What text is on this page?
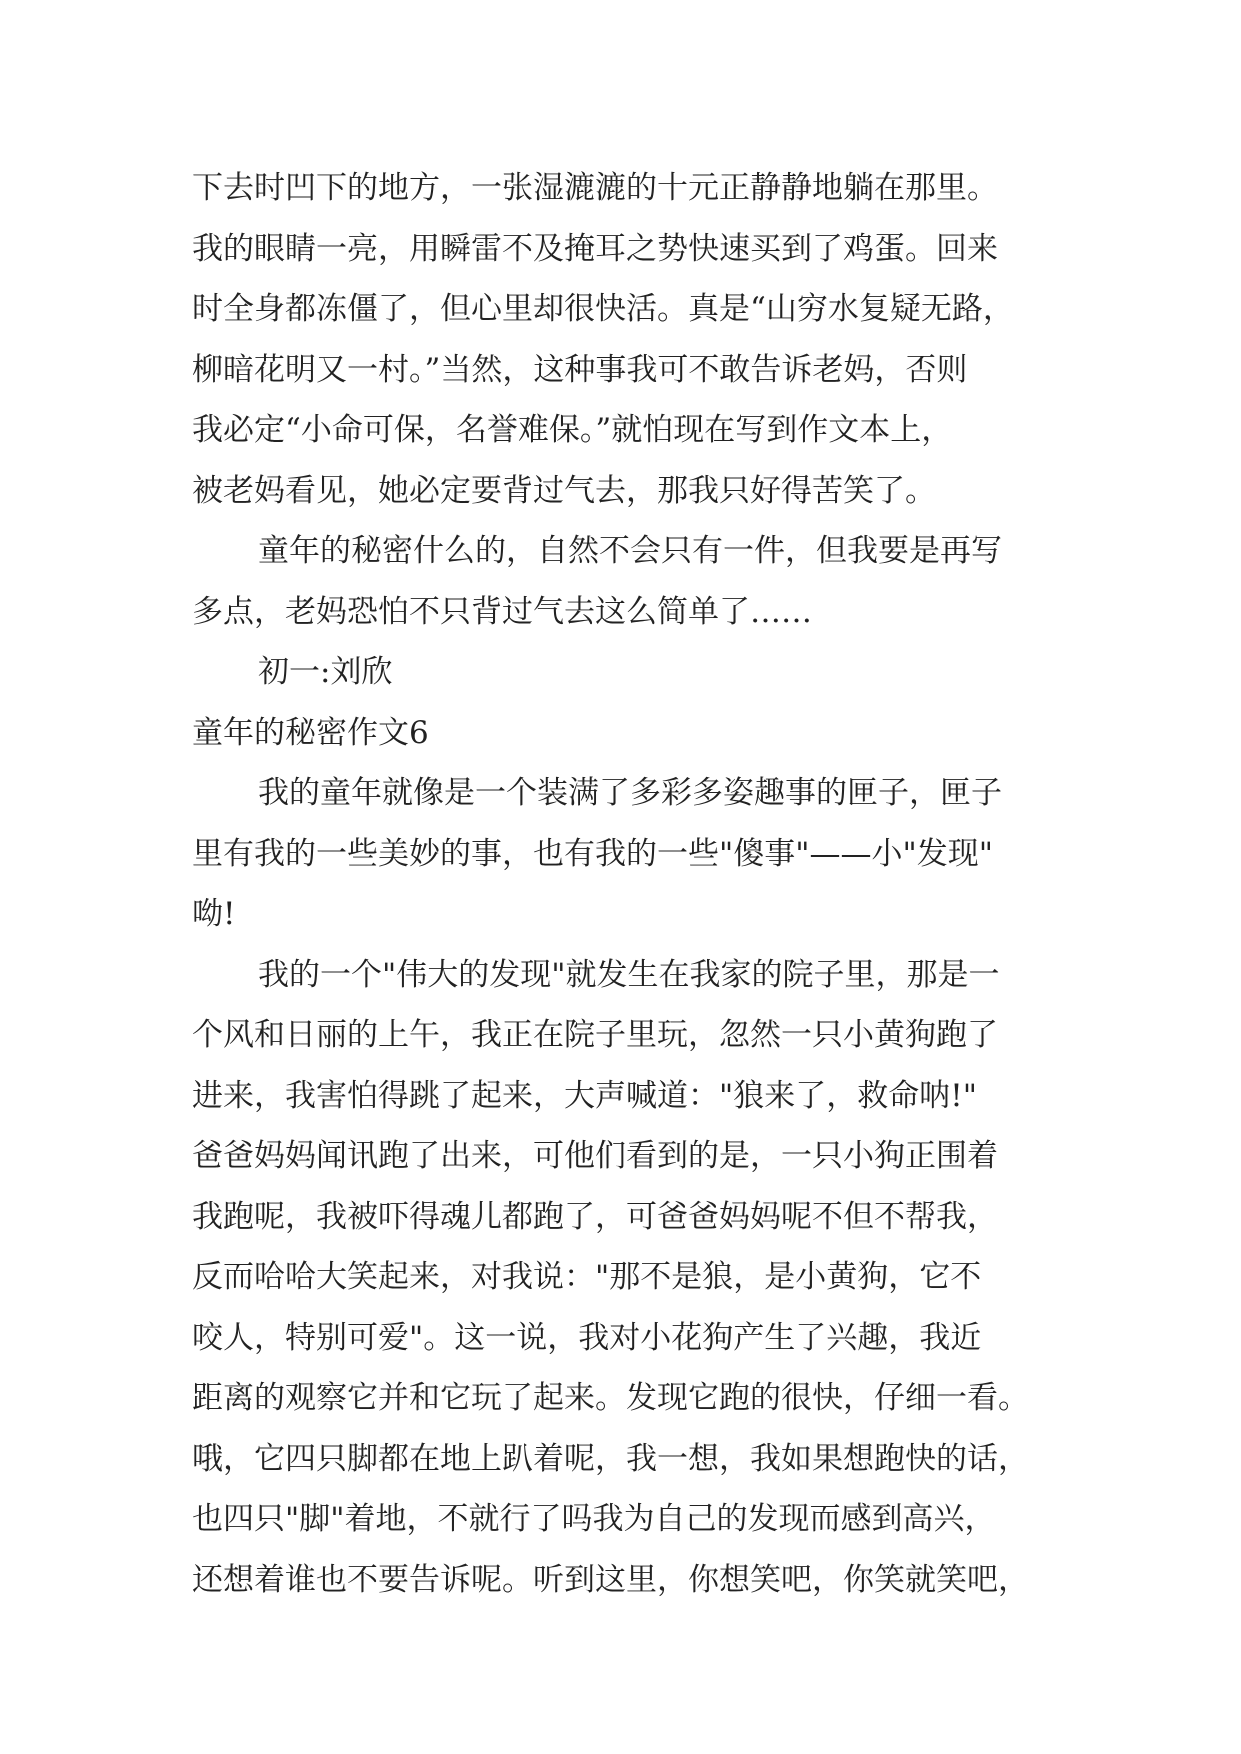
下去时凹下的地方，一张湿漉漉的十元正静静地躺在那里。
我的眼睛一亮，用瞬雷不及掩耳之势快速买到了鸡蛋。回来
时全身都冻僵了，但心里却很快活。真是“山穷水复疑无路，
柳暗花明又一村。”当然，这种事我可不敢告诉老妈，否则
我必定“小命可保，名誉难保。”就怕现在写到作文本上，
被老妈看见，她必定要背过气去，那我只好得苦笑了。
童年的秘密什么的，自然不会只有一件，但我要是再写
多点，老妈恐怕不只背过气去这么简单了……
初一:刘欣
童年的秘密作文6
我的童年就像是一个装满了多彩多姿趣事的匣子，匣子
里有我的一些美妙的事，也有我的一些"傻事"——小"发现"
呦!
我的一个"伟大的发现"就发生在我家的院子里，那是一
个风和日丽的上午，我正在院子里玩，忽然一只小黄狗跑了
进来，我害怕得跳了起来，大声喊道："狼来了，救命呐!"
爸爸妈妈闻讯跑了出来，可他们看到的是，一只小狗正围着
我跑呢，我被吓得魂儿都跑了，可爸爸妈妈呢不但不帮我，
反而哈哈大笑起来，对我说："那不是狼，是小黄狗，它不
咬人，特别可爱"。这一说，我对小花狗产生了兴趣，我近
距离的观察它并和它玩了起来。发现它跑的很快，仔细一看。
哦，它四只脚都在地上趴着呢，我一想，我如果想跑快的话，
也四只"脚"着地，不就行了吗我为自己的发现而感到高兴，
还想着谁也不要告诉呢。听到这里，你想笑吧，你笑就笑吧，
